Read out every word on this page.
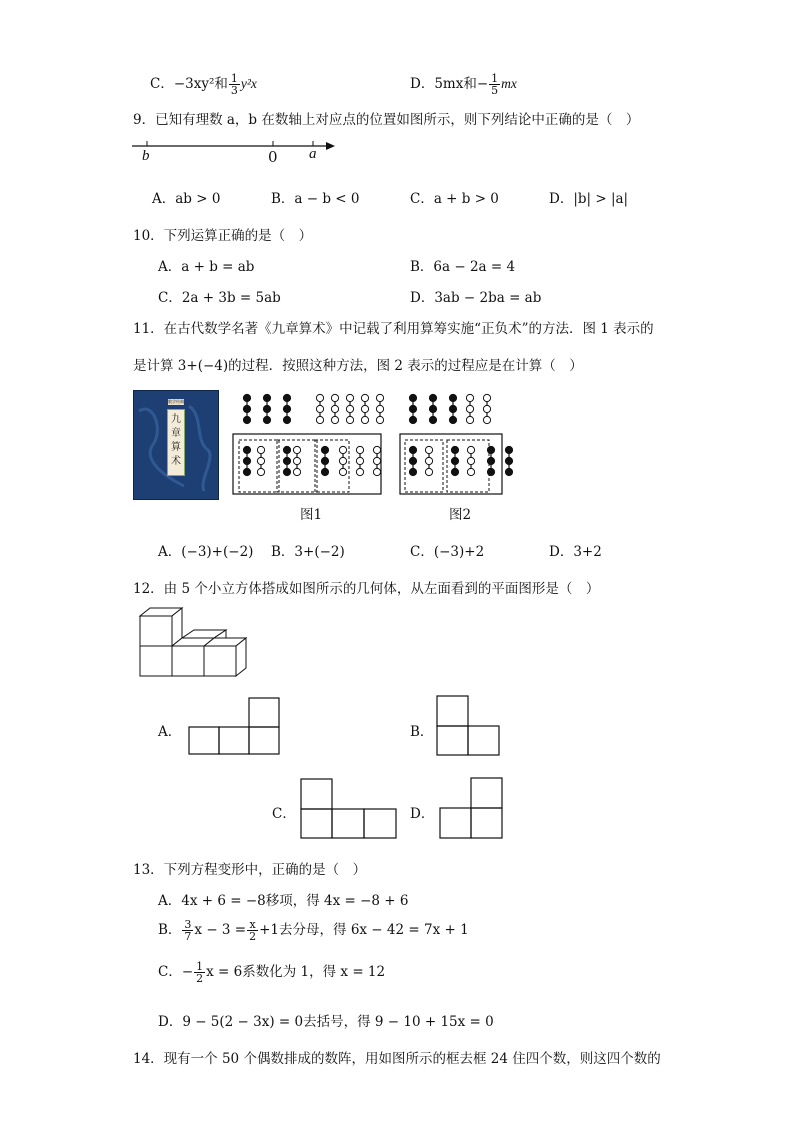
C．−3xy²和 $\frac{1}{3} y^2x$	D．5mx和− $\frac{1}{5}$ mx
9．已知有理数 a，b 在数轴上对应点的位置如图所示，则下列结论中正确的是（　）
b	0 a
A．ab > 0	B．a − b < 0	C．a + b > 0	D．|b| > |a|
10．下列运算正确的是（　）
A．a + b = ab	B．6a − 2a = 4
C．2a + 3b = 5ab	D．3ab − 2ba = ab
11．在古代数学名著《九章算术》中记载了利用算筹实施“正负术”的方法．图 1 表示的
是计算 3+(−4)的过程．按照这种方法，图 2 表示的过程应是在计算（　）
数学经典
九章算术
图1	图2
A．(−3)+(−2) B．3+(−2)	C．(−3)+2	D．3+2
12．由 5 个小立方体搭成如图所示的几何体，从左面看到的平面图形是（　）
A．	B．
C．	D．
13．下列方程变形中，正确的是（　）
A．4x + 6 = −8移项，得 4x = −8 + 6
B． $\frac{3}{7}$ $x - 3 = \frac{x}{2} +1$去分母，得 6x − 42 = 7x + 1
C．− $\frac{1}{2}$ x = 6系数化为 1，得 x = 12
D．9 − 5(2 − 3x) = 0去括号，得 9 − 10 + 15x = 0
14．现有一个 50 个偶数排成的数阵，用如图所示的框去框 24 住四个数，则这四个数的
